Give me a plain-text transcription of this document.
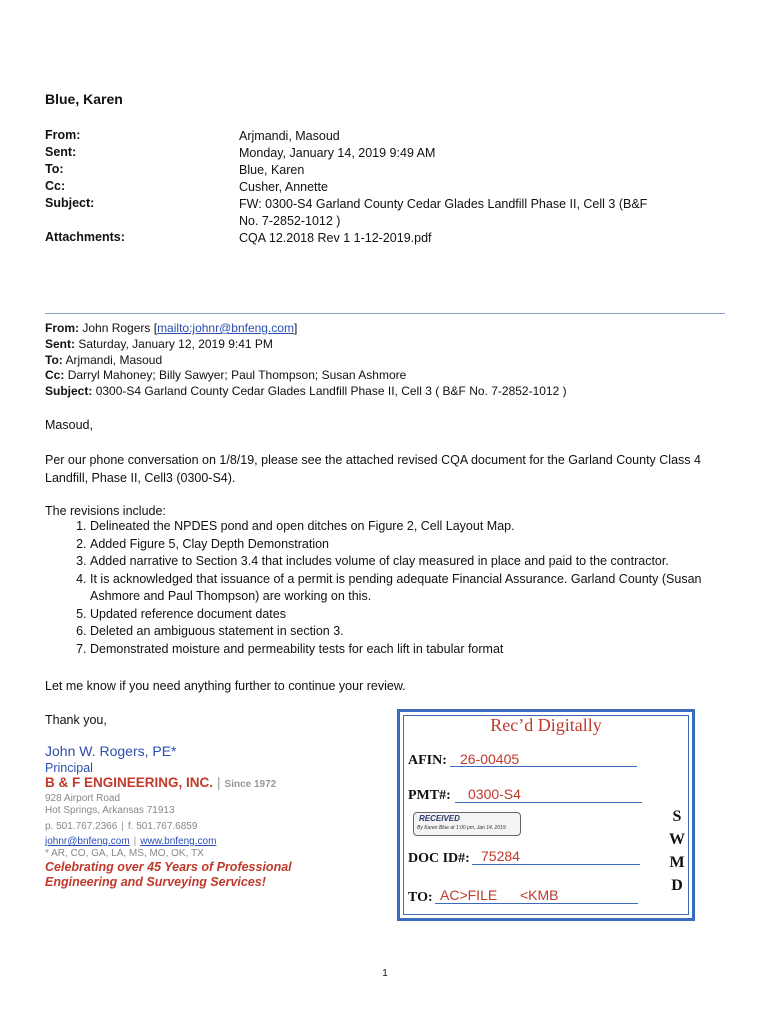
Blue, Karen
From:	Arjmandi, Masoud
Sent:	Monday, January 14, 2019 9:49 AM
To:	Blue, Karen
Cc:	Cusher, Annette
Subject:	FW: 0300-S4 Garland County Cedar Glades Landfill Phase II, Cell 3 (B&F No. 7-2852-1012 )
Attachments:	CQA 12.2018 Rev 1 1-12-2019.pdf
From: John Rogers [mailto:johnr@bnfeng.com]
Sent: Saturday, January 12, 2019 9:41 PM
To: Arjmandi, Masoud
Cc: Darryl Mahoney; Billy Sawyer; Paul Thompson; Susan Ashmore
Subject: 0300-S4 Garland County Cedar Glades Landfill Phase II, Cell 3 ( B&F No. 7-2852-1012 )
Masoud,
Per our phone conversation on 1/8/19, please see the attached revised CQA document for the Garland County Class 4 Landfill, Phase II, Cell3 (0300-S4).
The revisions include:
1. Delineated the NPDES pond and open ditches on Figure 2, Cell Layout Map.
2. Added Figure 5, Clay Depth Demonstration
3. Added narrative to Section 3.4 that includes volume of clay measured in place and paid to the contractor.
4. It is acknowledged that issuance of a permit is pending adequate Financial Assurance. Garland County (Susan Ashmore and Paul Thompson) are working on this.
5. Updated reference document dates
6. Deleted an ambiguous statement in section 3.
7. Demonstrated moisture and permeability tests for each lift in tabular format
Let me know if you need anything further to continue your review.
Thank you,
John W. Rogers, PE*
Principal
B & F ENGINEERING, INC. | Since 1972
928 Airport Road
Hot Springs, Arkansas 71913
p. 501.767.2366 | f. 501.767.6859
johnr@bnfeng.com | www.bnfeng.com
* AR, CO, GA, LA, MS, MO, OK, TX
Celebrating over 45 Years of Professional Engineering and Surveying Services!
Rec’d Digitally
AFIN: 26-00405
PMT#: 0300-S4
RECEIVED
By Karen Blue at 1:00 pm, Jan 14, 2019
DOC ID#: 75284
TO: AC>FILE <KMB
S
W
M
D
1
